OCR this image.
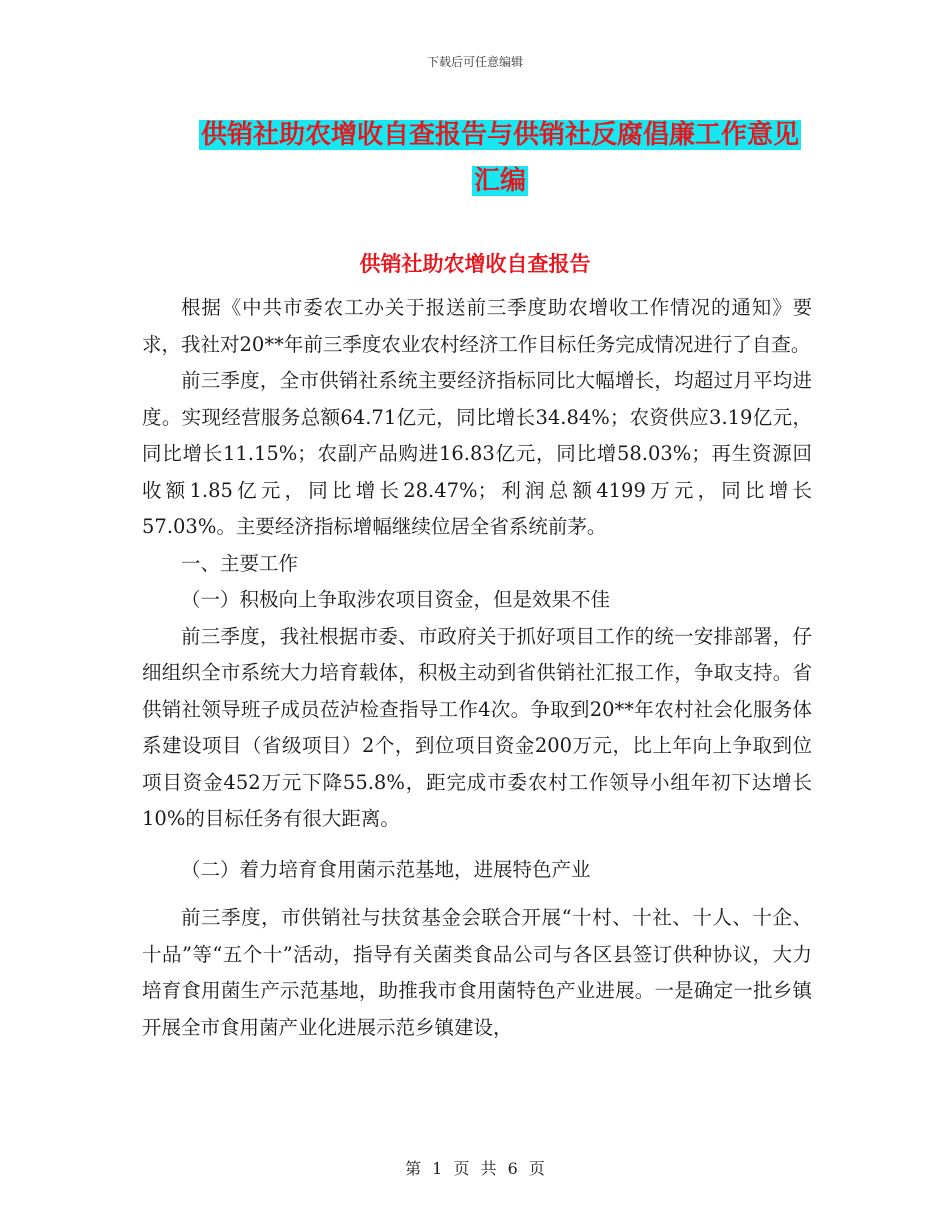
下载后可任意编辑
供销社助农增收自查报告与供销社反腐倡廉工作意见
汇编
供销社助农增收自查报告

根据《中共市委农工办关于报送前三季度助农增收工作情况的通知》要求，我社对20**年前三季度农业农村经济工作目标任务完成情况进行了自查。

前三季度，全市供销社系统主要经济指标同比大幅增长，均超过月平均进度。实现经营服务总额64.71亿元，同比增长34.84%；农资供应3.19亿元，同比增长11.15%；农副产品购进16.83亿元，同比增58.03%；再生资源回收额1.85亿元，同比增长28.47%；利润总额4199万元，同比增长57.03%。主要经济指标增幅继续位居全省系统前茅。

一、主要工作

（一）积极向上争取涉农项目资金，但是效果不佳

前三季度，我社根据市委、市政府关于抓好项目工作的统一安排部署，仔细组织全市系统大力培育载体，积极主动到省供销社汇报工作，争取支持。省供销社领导班子成员莅泸检查指导工作4次。争取到20**年农村社会化服务体系建设项目（省级项目）2个，到位项目资金200万元，比上年向上争取到位项目资金452万元下降55.8%，距完成市委农村工作领导小组年初下达增长10%的目标任务有很大距离。

（二）着力培育食用菌示范基地，进展特色产业

前三季度，市供销社与扶贫基金会联合开展“十村、十社、十人、十企、十品”等“五个十”活动，指导有关菌类食品公司与各区县签订供种协议，大力培育食用菌生产示范基地，助推我市食用菌特色产业进展。一是确定一批乡镇开展全市食用菌产业化进展示范乡镇建设，

第 1 页 共 6 页
